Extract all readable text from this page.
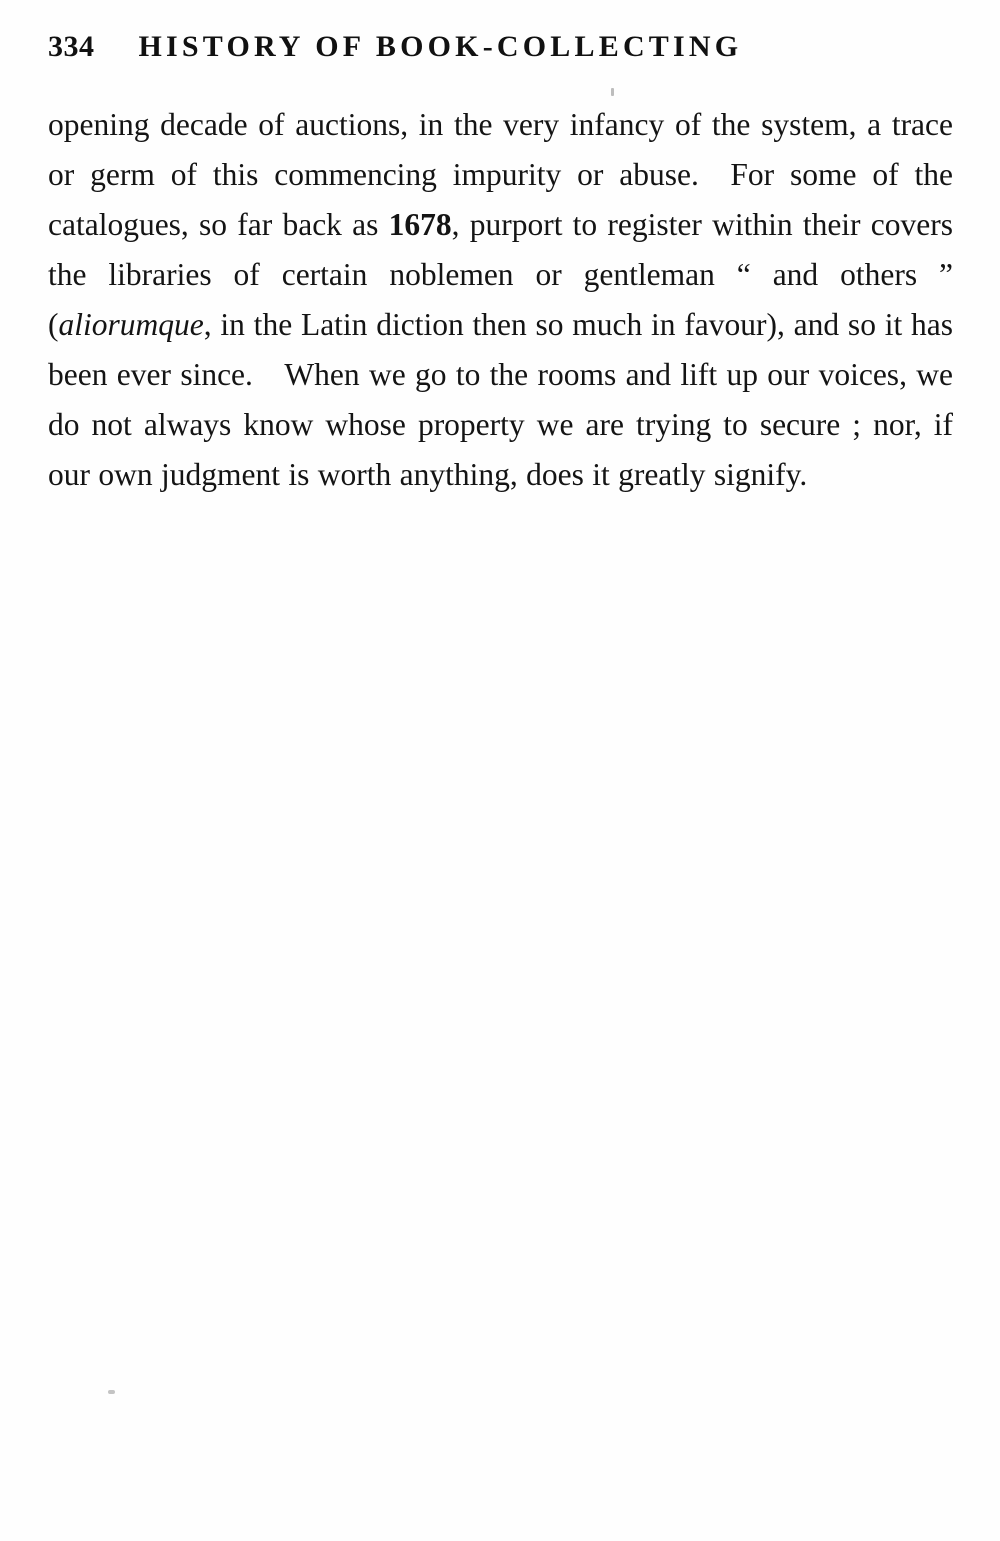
334 HISTORY OF BOOK-COLLECTING

opening decade of auctions, in the very infancy of the system, a trace or germ of this commencing impurity or abuse. For some of the catalogues, so far back as 1678, purport to register within their covers the libraries of certain noblemen or gentleman “ and others ” (aliorumque, in the Latin diction then so much in favour), and so it has been ever since. When we go to the rooms and lift up our voices, we do not always know whose property we are trying to secure ; nor, if our own judgment is worth anything, does it greatly signify.
